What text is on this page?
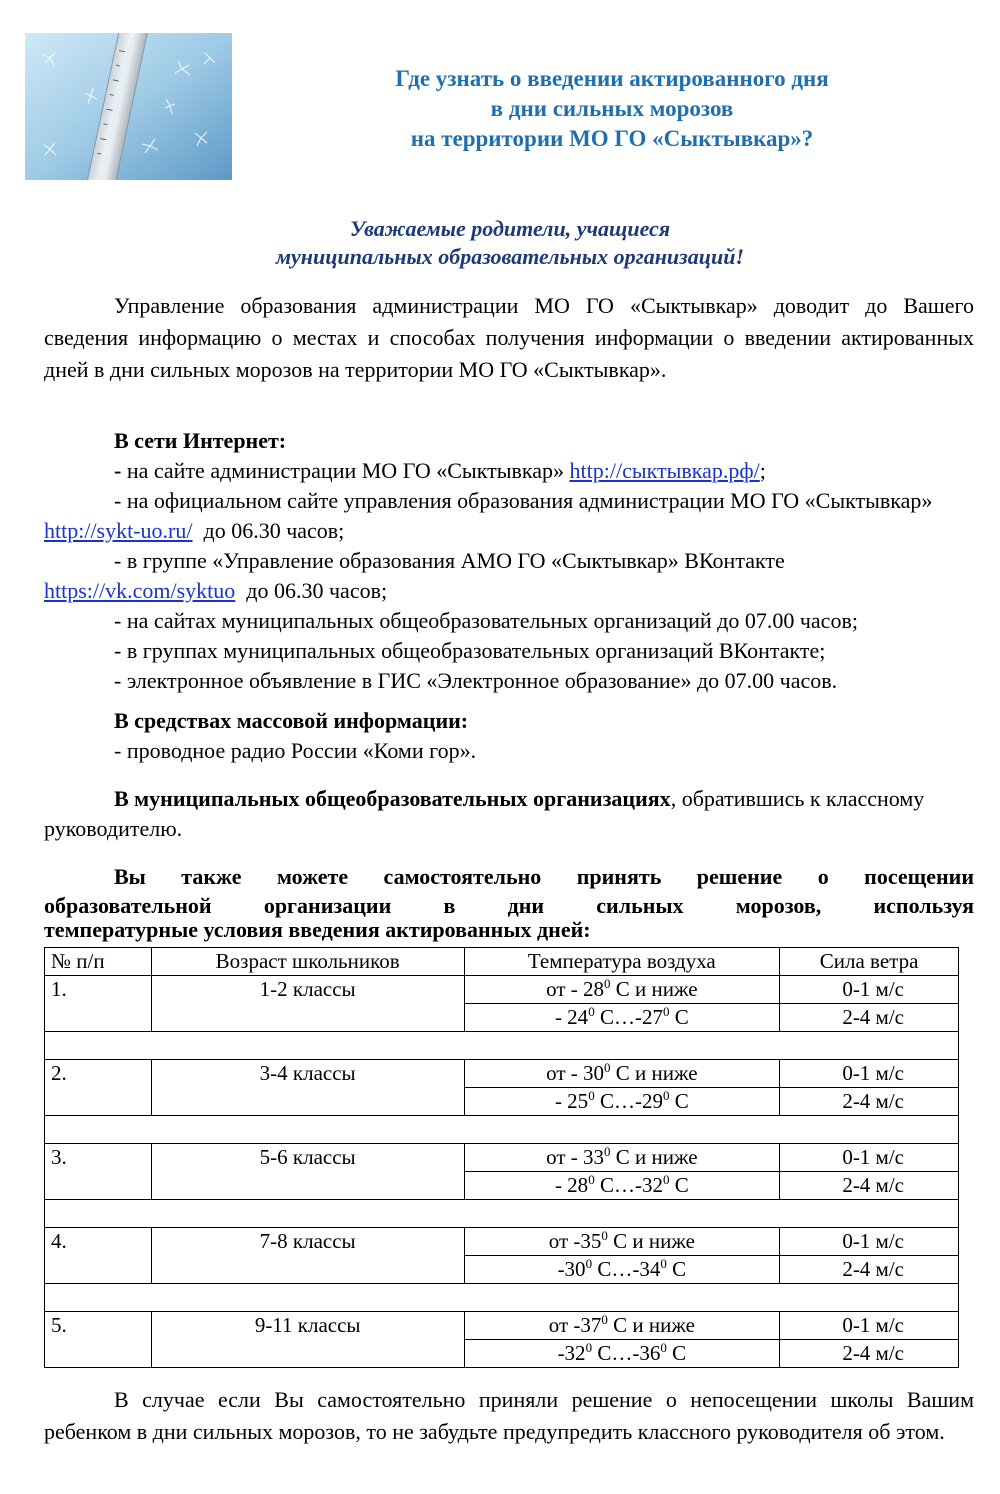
Где узнать о введении актированного дня
в дни сильных морозов
на территории МО ГО «Сыктывкар»?
Уважаемые родители, учащиеся
муниципальных образовательных организаций!

Управление образования администрации МО ГО «Сыктывкар» доводит до Вашего сведения информацию о местах и способах получения информации о введении актированных дней в дни сильных морозов на территории МО ГО «Сыктывкар».

В сети Интернет:
- на сайте администрации МО ГО «Сыктывкар» http://сыктывкар.рф/;
- на официальном сайте управления образования администрации МО ГО «Сыктывкар» http://sykt-uo.ru/  до 06.30 часов;
- в группе «Управление образования АМО ГО «Сыктывкар» ВКонтакте https://vk.com/syktuo  до 06.30 часов;
- на сайтах муниципальных общеобразовательных организаций до 07.00 часов;
- в группах муниципальных общеобразовательных организаций ВКонтакте;
- электронное объявление в ГИС «Электронное образование» до 07.00 часов.
В средствах массовой информации:
- проводное радио России «Коми гор».
В муниципальных общеобразовательных организациях, обратившись к классному руководителю.
Вы также можете самостоятельно принять решение о посещении
образовательной организации в дни сильных морозов, используя
температурные условия введения актированных дней:
№ п/п	Возраст школьников	Температура воздуха	Сила ветра
1.	1-2 классы	от - $28^0$ С и ниже	0-1 м/с
		- $24^0$ $С\dots-27^0$ С	2-4 м/с

2.	3-4 классы	от - $30^0$ С и ниже	0-1 м/с
		- $25^0$ $С\dots-29^0$ С	2-4 м/с

3.	5-6 классы	от - $33^0$ С и ниже	0-1 м/с
		- $28^0$ $С\dots-32^0$ С	2-4 м/с

4.	7-8 классы	от $-35^0$ С и ниже	0-1 м/с
		$-30^0$ $С\dots-34^0$ С	2-4 м/с

5.	9-11 классы	от $-37^0$ С и ниже	0-1 м/с
		$-32^0$ $С\dots-36^0$ С	2-4 м/с

В случае если Вы самостоятельно приняли решение о непосещении школы Вашим ребенком в дни сильных морозов, то не забудьте предупредить классного руководителя об этом.
